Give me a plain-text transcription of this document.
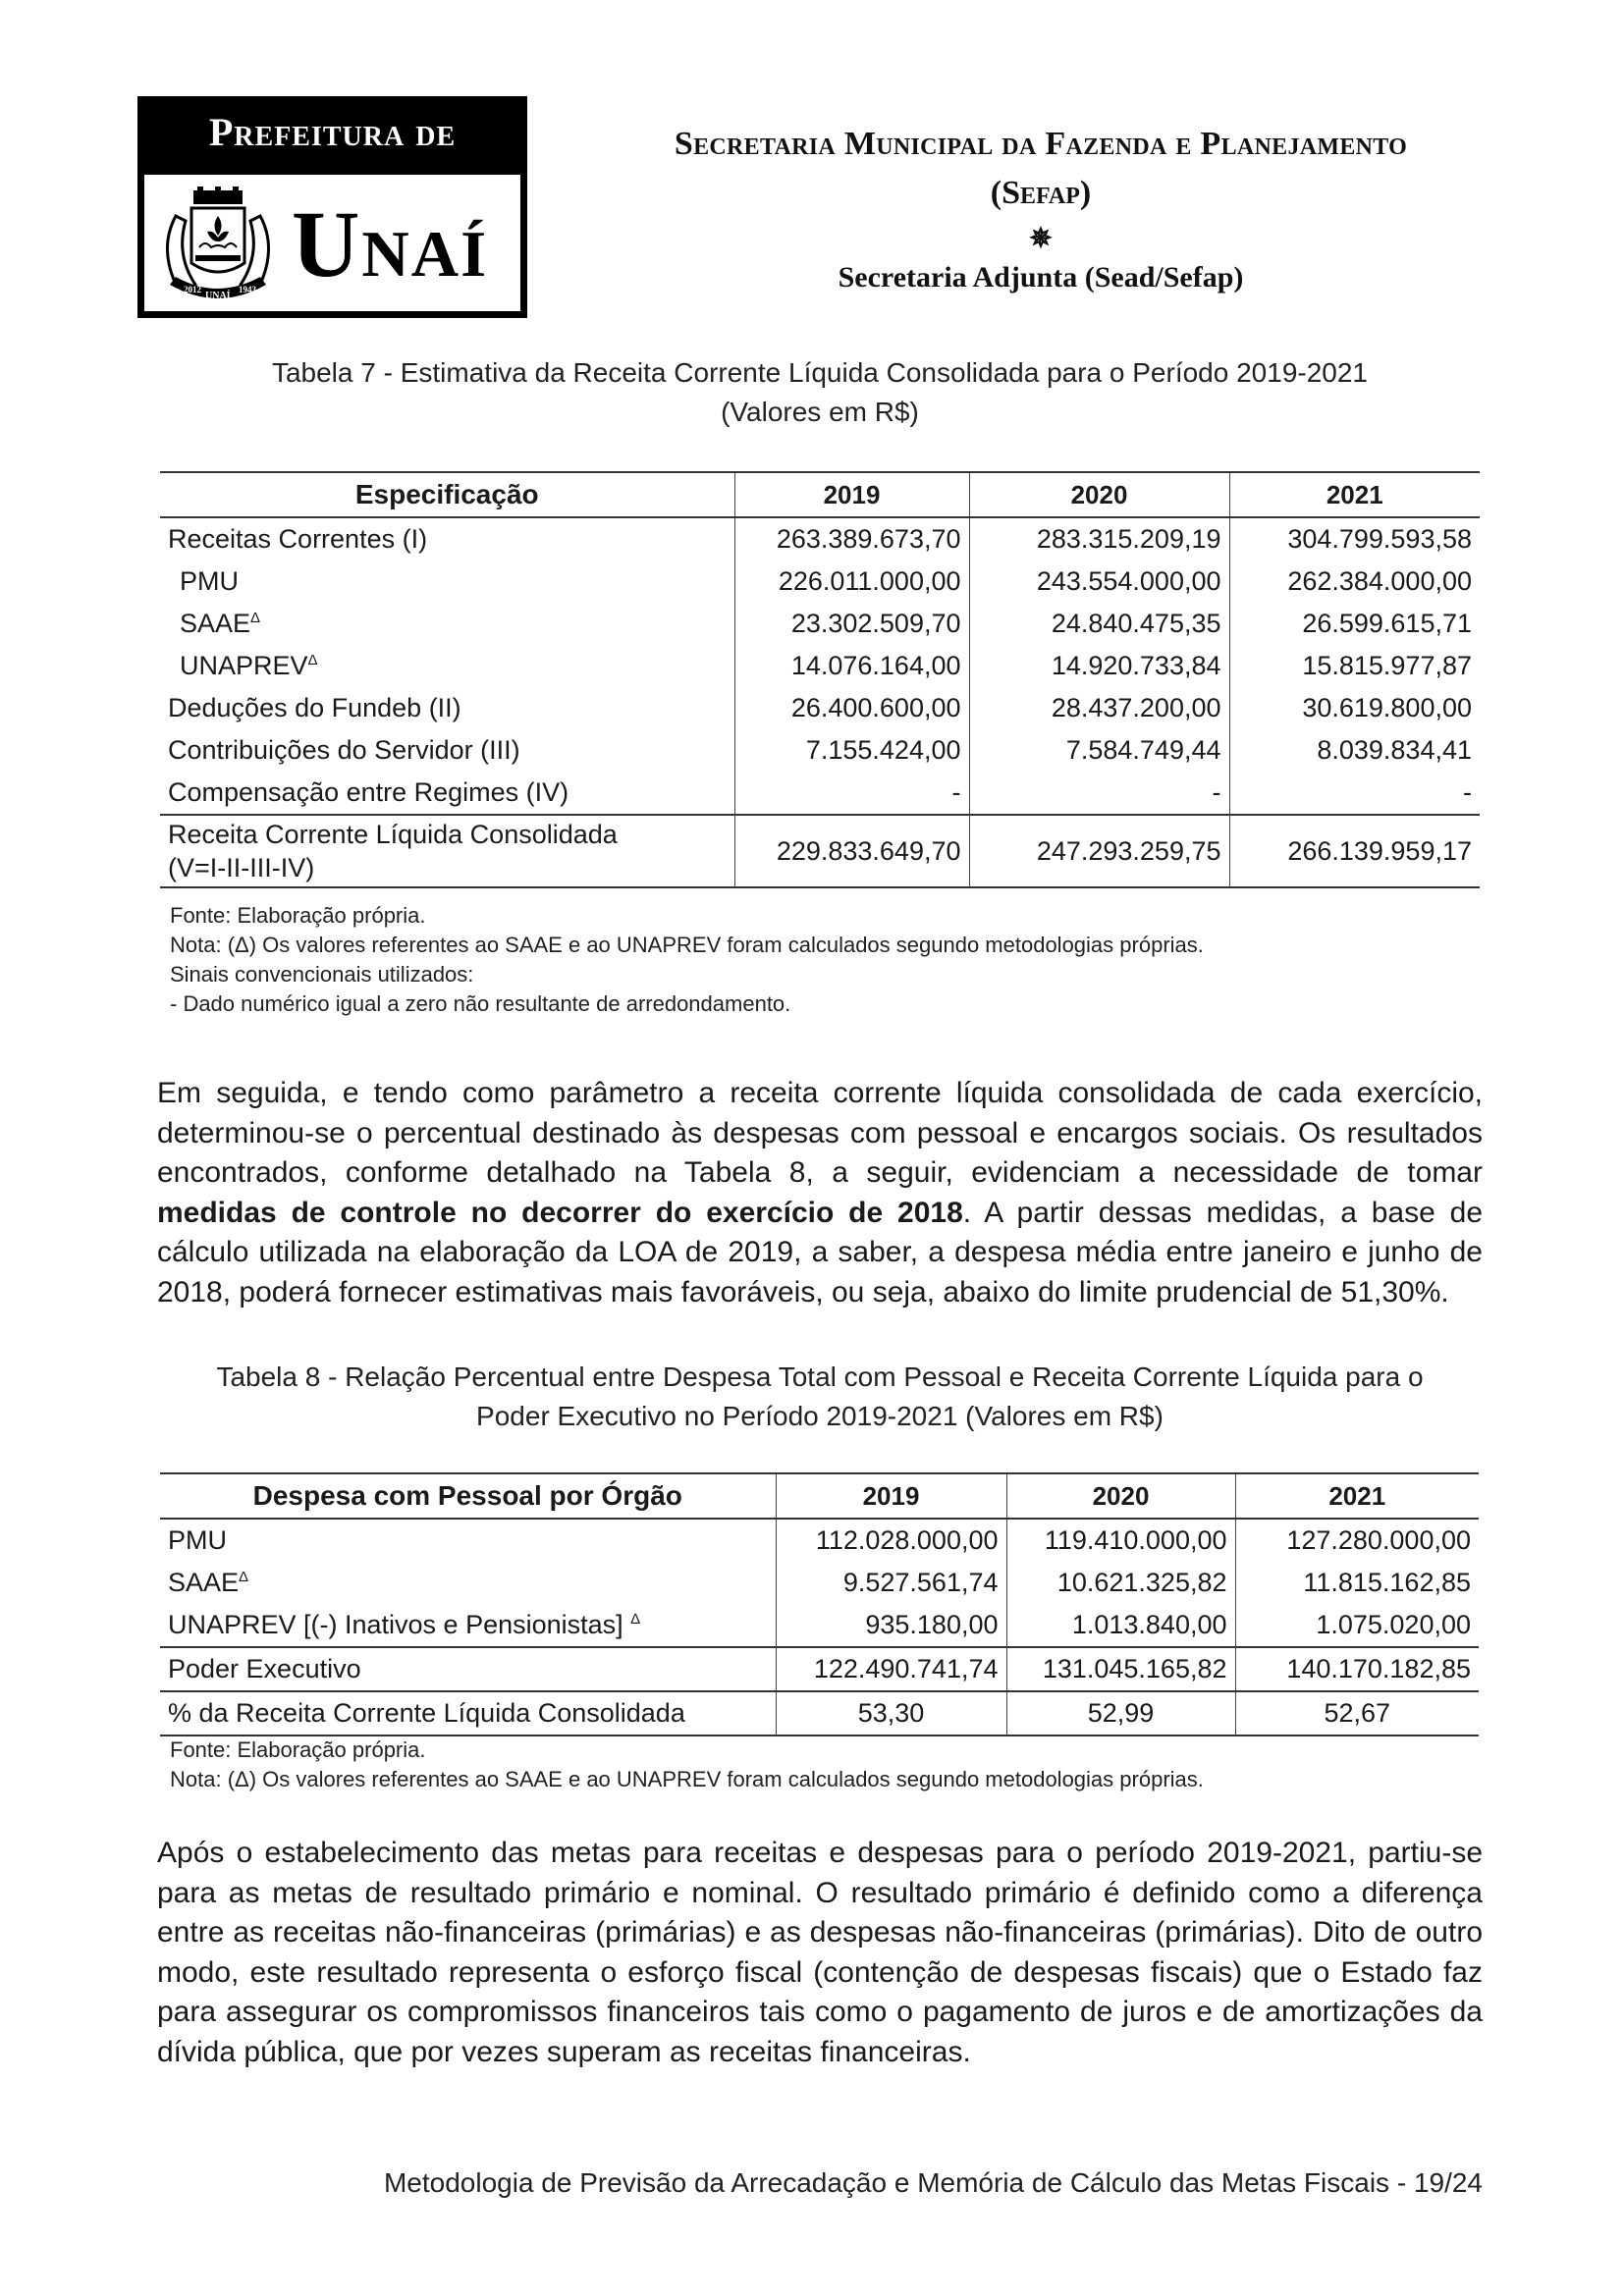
Prefeitura de
2012
UNAÍ
1943 Unaí
Secretaria Municipal da Fazenda e Planejamento
(Sefap)
✵
Secretaria Adjunta (Sead/Sefap)
Tabela 7 - Estimativa da Receita Corrente Líquida Consolidada para o Período 2019-2021
(Valores em R$)
Especificação	2019	2020	2021
Receitas Correntes (I)	263.389.673,70	283.315.209,19	304.799.593,58
PMU	226.011.000,00	243.554.000,00	262.384.000,00
$SAAE^\Delta$	23.302.509,70	24.840.475,35	26.599.615,71
$UNAPREV^\Delta$	14.076.164,00	14.920.733,84	15.815.977,87
Deduções do Fundeb (II)	26.400.600,00	28.437.200,00	30.619.800,00
Contribuições do Servidor (III)	7.155.424,00	7.584.749,44	8.039.834,41
Compensação entre Regimes (IV)	-	-	-

Receita Corrente Líquida Consolidada
(V=I-II-III-IV)	229.833.649,70	247.293.259,75	266.139.959,17
Fonte: Elaboração própria.
Nota: (Δ) Os valores referentes ao SAAE e ao UNAPREV foram calculados segundo metodologias próprias.
Sinais convencionais utilizados:
- Dado numérico igual a zero não resultante de arredondamento.
Em seguida, e tendo como parâmetro a receita corrente líquida consolidada de cada exercício, determinou-se o percentual destinado às despesas com pessoal e encargos sociais. Os resultados encontrados, conforme detalhado na Tabela 8, a seguir, evidenciam a necessidade de tomar medidas de controle no decorrer do exercício de 2018. A partir dessas medidas, a base de cálculo utilizada na elaboração da LOA de 2019, a saber, a despesa média entre janeiro e junho de 2018, poderá fornecer estimativas mais favoráveis, ou seja, abaixo do limite prudencial de 51,30%.
Tabela 8 - Relação Percentual entre Despesa Total com Pessoal e Receita Corrente Líquida para o
Poder Executivo no Período 2019-2021 (Valores em R$)
Despesa com Pessoal por Órgão	2019	2020	2021
PMU	112.028.000,00	119.410.000,00	127.280.000,00
$SAAE^\Delta$	9.527.561,74	10.621.325,82	11.815.162,85
UNAPREV [(-) Inativos e Pensionistas] $^\Delta$	935.180,00	1.013.840,00	1.075.020,00
Poder Executivo	122.490.741,74	131.045.165,82	140.170.182,85
% da Receita Corrente Líquida Consolidada	53,30	52,99	52,67
Fonte: Elaboração própria.
Nota: (Δ) Os valores referentes ao SAAE e ao UNAPREV foram calculados segundo metodologias próprias.
Após o estabelecimento das metas para receitas e despesas para o período 2019-2021, partiu-se para as metas de resultado primário e nominal. O resultado primário é definido como a diferença entre as receitas não-financeiras (primárias) e as despesas não-financeiras (primárias). Dito de outro modo, este resultado representa o esforço fiscal (contenção de despesas fiscais) que o Estado faz para assegurar os compromissos financeiros tais como o pagamento de juros e de amortizações da dívida pública, que por vezes superam as receitas financeiras.
Metodologia de Previsão da Arrecadação e Memória de Cálculo das Metas Fiscais - 19/24
